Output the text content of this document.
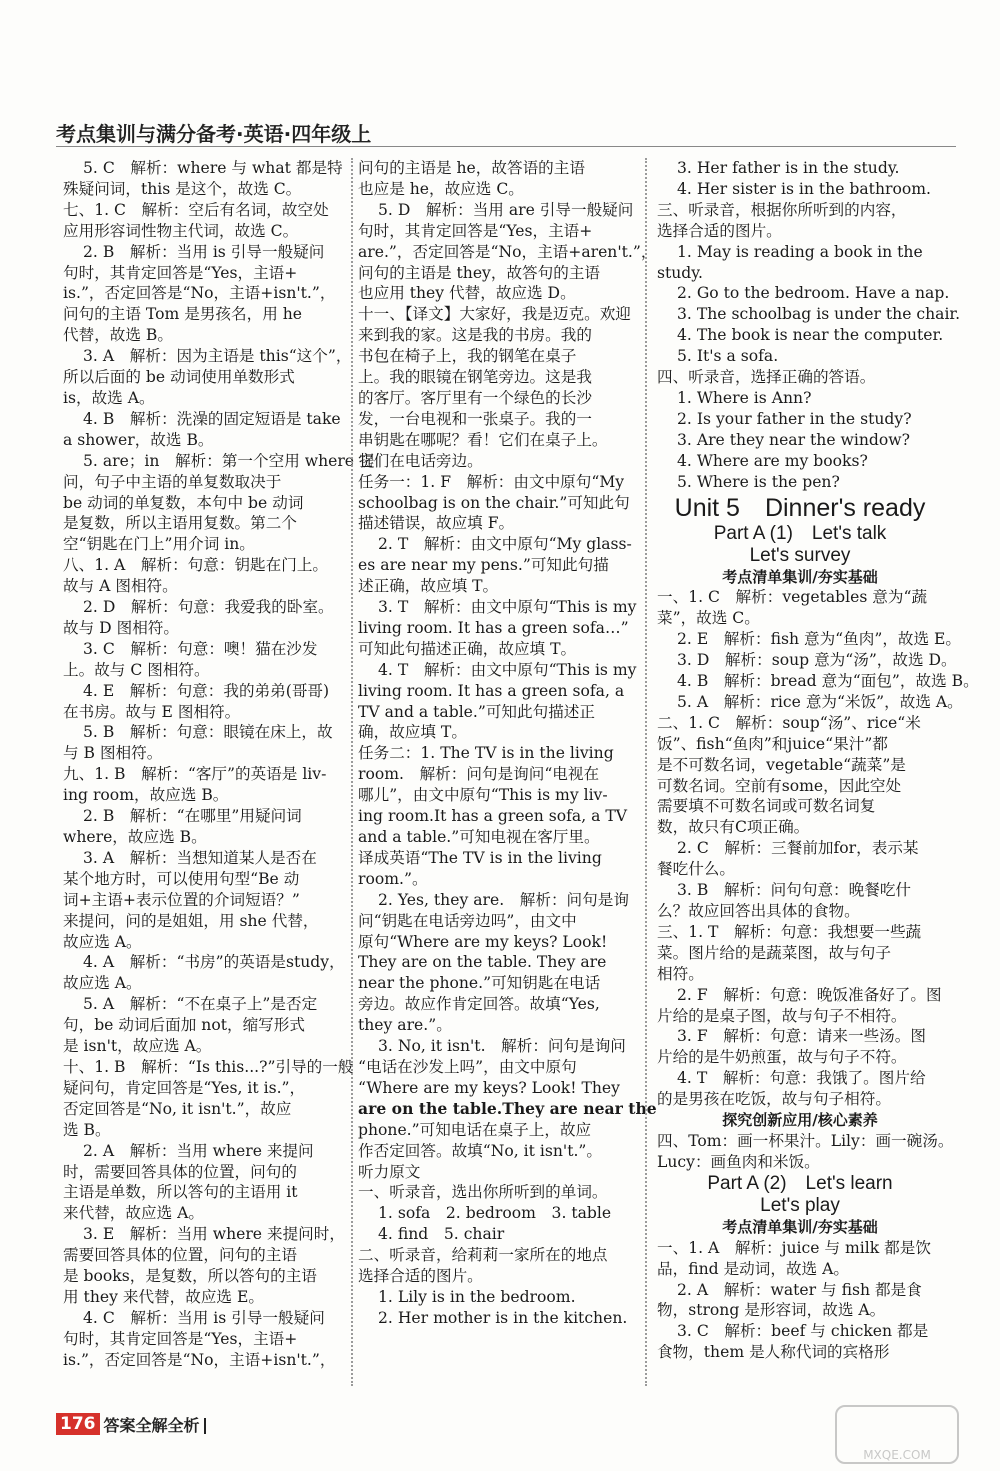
考点集训与满分备考·英语·四年级上
5. C　解析：where 与 what 都是特
殊疑问词，this 是这个，故选 C。
七、1. C　解析：空后有名词，故空处
应用形容词性物主代词，故选 C。
2. B　解析：当用 is 引导一般疑问
句时，其肯定回答是“Yes，主语+
is.”，否定回答是“No，主语+isn't.”，
问句的主语 Tom 是男孩名，用 he
代替，故选 B。
3. A　解析：因为主语是 this“这个”，
所以后面的 be 动词使用单数形式
is，故选 A。
4. B　解析：洗澡的固定短语是 take
a shower，故选 B。
5. are；in　解析：第一个空用 where 提
问，句子中主语的单复数取决于
be 动词的单复数，本句中 be 动词
是复数，所以主语用复数。第二个
空“钥匙在门上”用介词 in。
八、1. A　解析：句意：钥匙在门上。
故与 A 图相符。
2. D　解析：句意：我爱我的卧室。
故与 D 图相符。
3. C　解析：句意：噢！猫在沙发
上。故与 C 图相符。
4. E　解析：句意：我的弟弟(哥哥)
在书房。故与 E 图相符。
5. B　解析：句意：眼镜在床上，故
与 B 图相符。
九、1. B　解析：“客厅”的英语是 liv-
ing room，故应选 B。
2. B　解析：“在哪里”用疑问词
where，故应选 B。
3. A　解析：当想知道某人是否在
某个地方时，可以使用句型“Be 动
词+主语+表示位置的介词短语？”
来提问，问的是姐姐，用 she 代替，
故应选 A。
4. A　解析：“书房”的英语是study，
故应选 A。
5. A　解析：“不在桌子上”是否定
句，be 动词后面加 not，缩写形式
是 isn't，故应选 A。
十、1. B　解析：“Is this...?”引导的一般
疑问句，肯定回答是“Yes, it is.”，
否定回答是“No, it isn't.”，故应
选 B。
2. A　解析：当用 where 来提问
时，需要回答具体的位置，问句的
主语是单数，所以答句的主语用 it
来代替，故应选 A。
3. E　解析：当用 where 来提问时，
需要回答具体的位置，问句的主语
是 books，是复数，所以答句的主语
用 they 来代替，故应选 E。
4. C　解析：当用 is 引导一般疑问
句时，其肯定回答是“Yes，主语+
is.”，否定回答是“No，主语+isn't.”，
问句的主语是 he，故答语的主语
也应是 he，故应选 C。
5. D　解析：当用 are 引导一般疑问
句时，其肯定回答是“Yes，主语+
are.”，否定回答是“No，主语+aren't.”，
问句的主语是 they，故答句的主语
也应用 they 代替，故应选 D。
十一、【译文】大家好，我是迈克。欢迎
来到我的家。这是我的书房。我的
书包在椅子上，我的钢笔在桌子
上。我的眼镜在钢笔旁边。这是我
的客厅。客厅里有一个绿色的长沙
发，一台电视和一张桌子。我的一
串钥匙在哪呢？看！它们在桌子上。
它们在电话旁边。
任务一：1. F　解析：由文中原句“My
schoolbag is on the chair.”可知此句
描述错误，故应填 F。
2. T　解析：由文中原句“My glass-
es are near my pens.”可知此句描
述正确，故应填 T。
3. T　解析：由文中原句“This is my
living room. It has a green sofa…”
可知此句描述正确，故应填 T。
4. T　解析：由文中原句“This is my
living room. It has a green sofa, a
TV and a table.”可知此句描述正
确，故应填 T。
任务二：1. The TV is in the living
room.　解析：问句是询问“电视在
哪儿”，由文中原句“This is my liv-
ing room.It has a green sofa, a TV
and a table.”可知电视在客厅里。
译成英语“The TV is in the living
room.”。
2. Yes, they are.　解析：问句是询
问“钥匙在电话旁边吗”，由文中
原句“Where are my keys? Look!
They are on the table. They are
near the phone.”可知钥匙在电话
旁边。故应作肯定回答。故填“Yes,
they are.”。
3. No, it isn't.　解析：问句是询问
“电话在沙发上吗”，由文中原句
“Where are my keys? Look! They
are on the table.They are near the
phone.”可知电话在桌子上，故应
作否定回答。故填“No, it isn't.”。
听力原文
一、听录音，选出你所听到的单词。
1. sofa　2. bedroom　3. table
4. find　5. chair
二、听录音，给莉莉一家所在的地点
选择合适的图片。
1. Lily is in the bedroom.
2. Her mother is in the kitchen.
3. Her father is in the study.
4. Her sister is in the bathroom.
三、听录音，根据你所听到的内容，
选择合适的图片。
1. May is reading a book in the
study.
2. Go to the bedroom. Have a nap.
3. The schoolbag is under the chair.
4. The book is near the computer.
5. It's a sofa.
四、听录音，选择正确的答语。
1. Where is Ann?
2. Is your father in the study?
3. Are they near the window?
4. Where are my books?
5. Where is the pen?
Unit 5　Dinner's ready
Part A (1)　Let's talk
Let's survey
考点清单集训/夯实基础
一、1. C　解析：vegetables 意为“蔬
菜”，故选 C。
2. E　解析：fish 意为“鱼肉”，故选 E。
3. D　解析：soup 意为“汤”，故选 D。
4. B　解析：bread 意为“面包”，故选 B。
5. A　解析：rice 意为“米饭”，故选 A。
二、1. C　解析：soup“汤”、rice“米
饭”、fish“鱼肉”和juice“果汁”都
是不可数名词，vegetable“蔬菜”是
可数名词。空前有some，因此空处
需要填不可数名词或可数名词复
数，故只有C项正确。
2. C　解析：三餐前加for，表示某
餐吃什么。
3. B　解析：问句句意：晚餐吃什
么？故应回答出具体的食物。
三、1. T　解析：句意：我想要一些蔬
菜。图片给的是蔬菜图，故与句子
相符。
2. F　解析：句意：晚饭准备好了。图
片给的是桌子图，故与句子不相符。
3. F　解析：句意：请来一些汤。图
片给的是牛奶煎蛋，故与句子不符。
4. T　解析：句意：我饿了。图片给
的是男孩在吃饭，故与句子相符。
探究创新应用/核心素养
四、Tom：画一杯果汁。Lily：画一碗汤。
Lucy：画鱼肉和米饭。
Part A (2)　Let's learn
Let's play
考点清单集训/夯实基础
一、1. A　解析：juice 与 milk 都是饮
品，find 是动词，故选 A。
2. A　解析：water 与 fish 都是食
物，strong 是形容词，故选 A。
3. C　解析：beef 与 chicken 都是
食物，them 是人称代词的宾格形
176 答案全解全析
MXQE.COM
